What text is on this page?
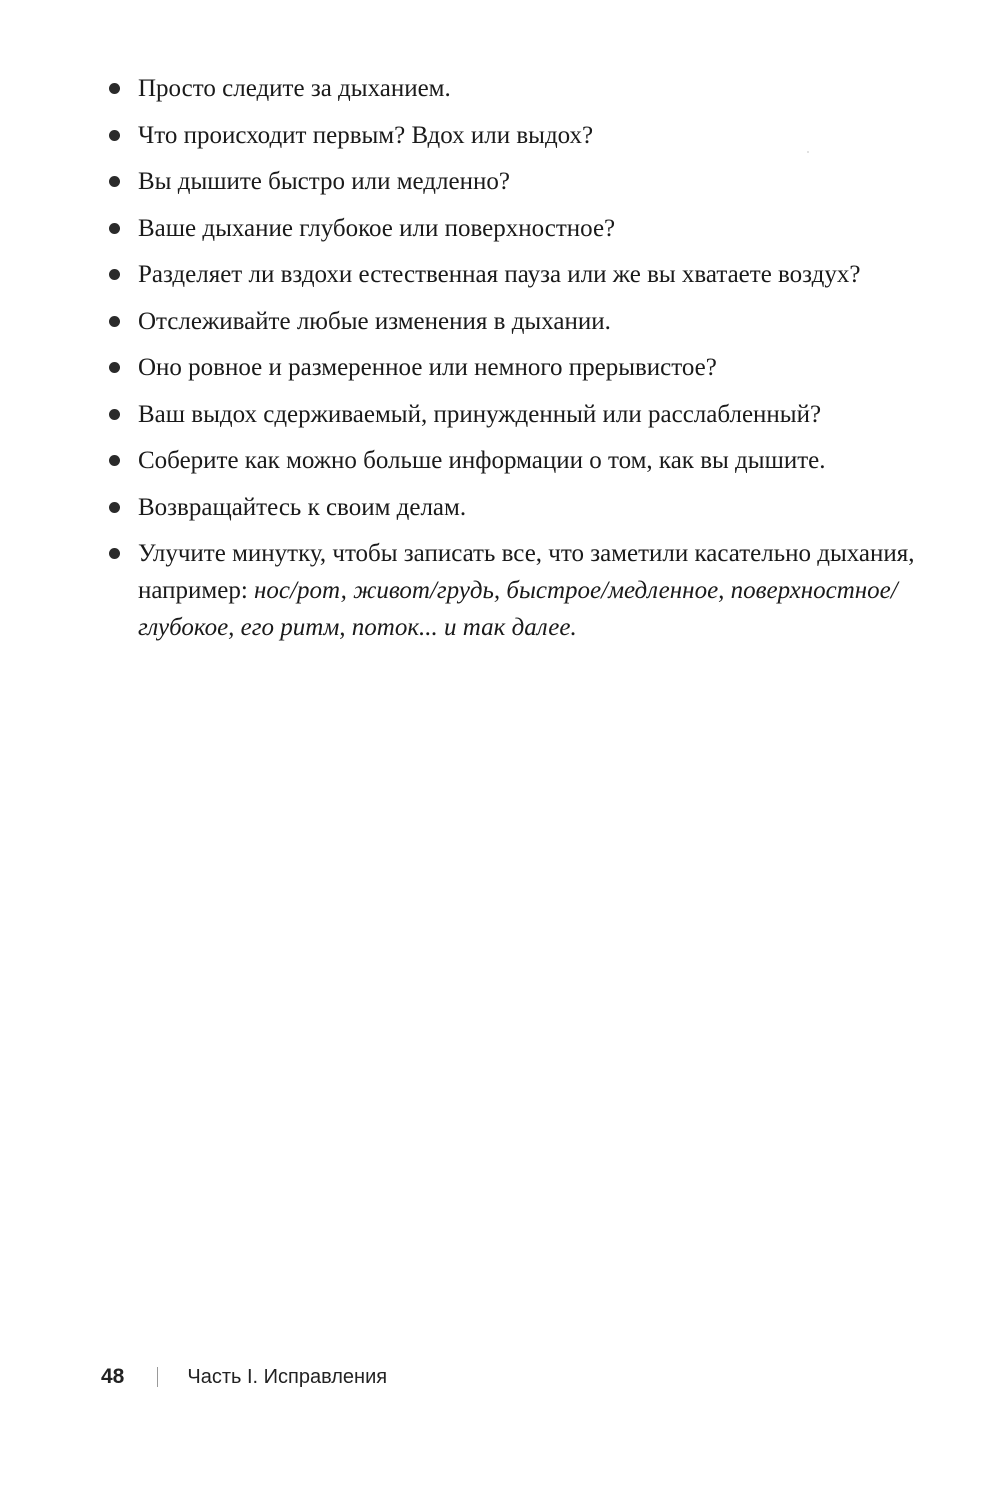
Просто следите за дыханием.
Что происходит первым? Вдох или выдох?
Вы дышите быстро или медленно?
Ваше дыхание глубокое или поверхностное?
Разделяет ли вздохи естественная пауза или же вы хватаете воздух?
Отслеживайте любые изменения в дыхании.
Оно ровное и размеренное или немного прерывистое?
Ваш выдох сдерживаемый, принужденный или расслабленный?
Соберите как можно больше информации о том, как вы дышите.
Возвращайтесь к своим делам.
Улучите минутку, чтобы записать все, что заметили касательно дыхания, например: нос/рот, живот/грудь, быстрое/медленное, поверхностное/глубокое, его ритм, поток... и так далее.
48	Часть I. Исправления
